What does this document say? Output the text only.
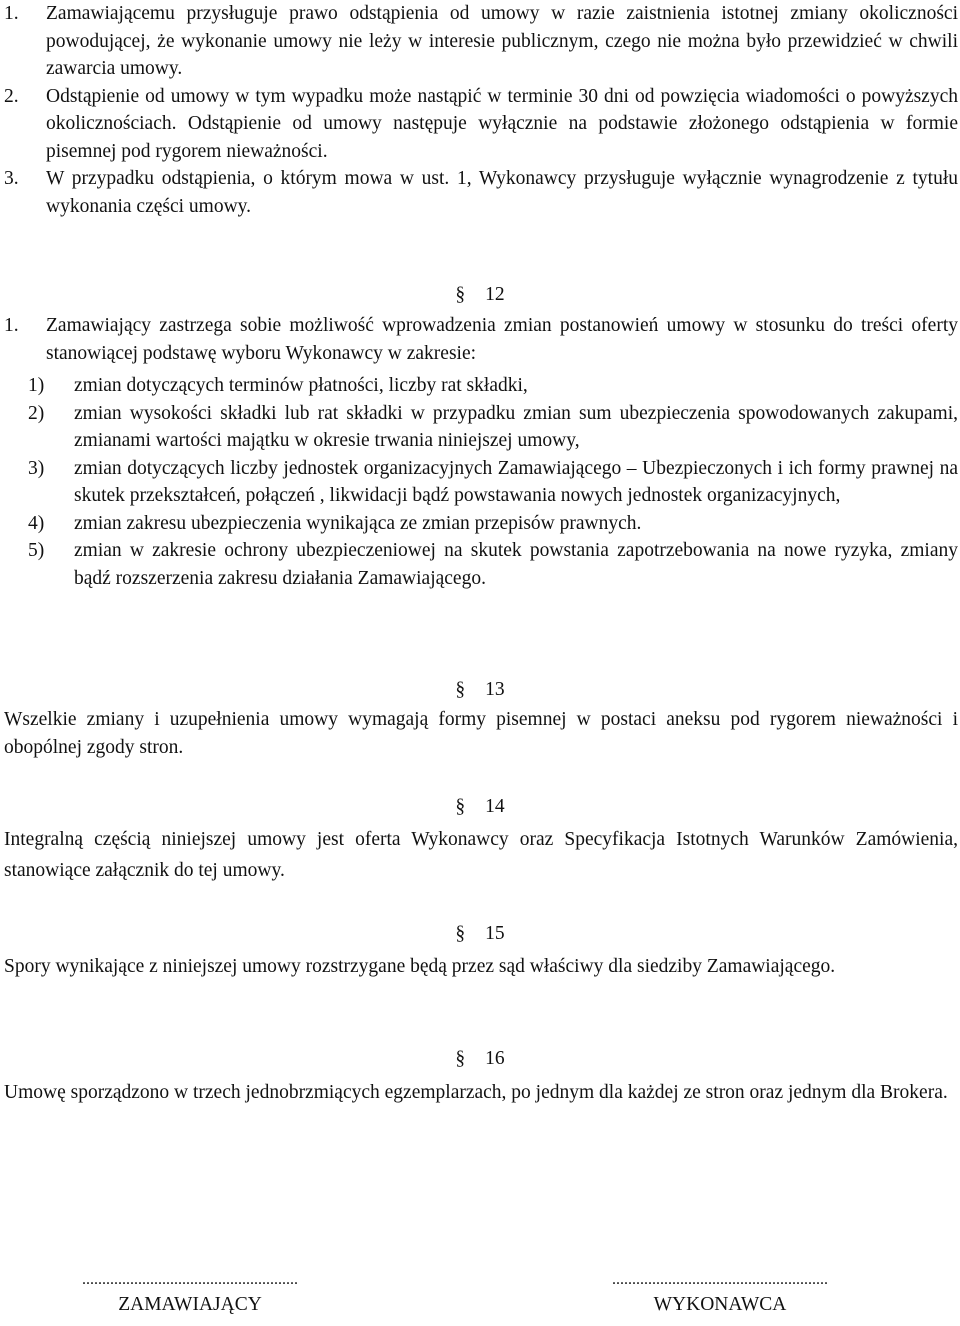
1. Zamawiającemu przysługuje prawo odstąpienia od umowy w razie zaistnienia istotnej zmiany okoliczności powodującej, że wykonanie umowy nie leży w interesie publicznym, czego nie można było przewidzieć w chwili zawarcia umowy.
2. Odstąpienie od umowy w tym wypadku może nastąpić w terminie 30 dni od powzięcia wiadomości o powyższych okolicznościach. Odstąpienie od umowy następuje wyłącznie na podstawie złożonego odstąpienia w formie pisemnej pod rygorem nieważności.
3. W przypadku odstąpienia, o którym mowa w ust. 1, Wykonawcy przysługuje wyłącznie wynagrodzenie z tytułu wykonania części umowy.
§ 12
1. Zamawiający zastrzega sobie możliwość wprowadzenia zmian postanowień umowy w stosunku do treści oferty stanowiącej podstawę wyboru Wykonawcy w zakresie:
1) zmian dotyczących terminów płatności, liczby rat składki,
2) zmian wysokości składki lub rat składki w przypadku zmian sum ubezpieczenia spowodowanych zakupami, zmianami wartości majątku w okresie trwania niniejszej umowy,
3) zmian dotyczących liczby jednostek organizacyjnych Zamawiającego – Ubezpieczonych i ich formy prawnej na skutek przekształceń, połączeń , likwidacji bądź powstawania nowych jednostek organizacyjnych,
4) zmian zakresu ubezpieczenia wynikająca ze zmian przepisów prawnych.
5) zmian w zakresie ochrony ubezpieczeniowej na skutek powstania zapotrzebowania na nowe ryzyka, zmiany bądź rozszerzenia zakresu działania Zamawiającego.
§ 13
Wszelkie zmiany i uzupełnienia umowy wymagają formy pisemnej w postaci aneksu pod rygorem nieważności i obopólnej zgody stron.
§ 14
Integralną częścią niniejszej umowy jest oferta Wykonawcy oraz Specyfikacja Istotnych Warunków Zamówienia, stanowiące załącznik do tej umowy.
§ 15
Spory wynikające z niniejszej umowy rozstrzygane będą przez sąd właściwy dla siedziby Zamawiającego.
§ 16
Umowę sporządzono w trzech jednobrzmiących egzemplarzach, po jednym dla każdej ze stron oraz jednym dla Brokera.
......................................................
ZAMAWIAJĄCY
......................................................
WYKONAWCA
